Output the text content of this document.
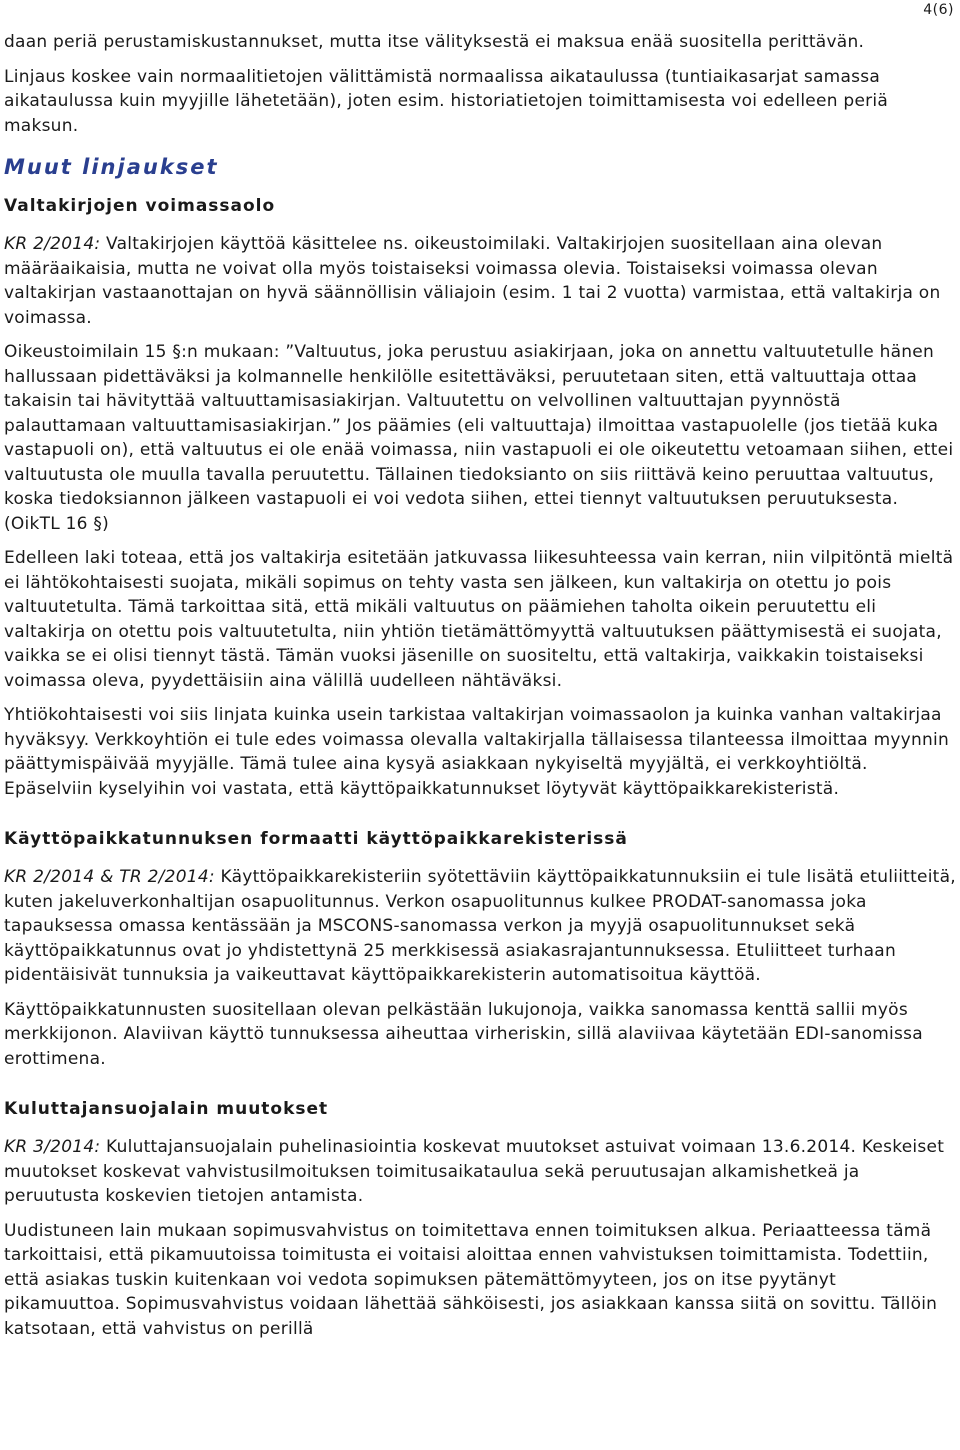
4(6)

daan periä perustamiskustannukset, mutta itse välityksestä ei maksua enää suositella perittävän.

Linjaus koskee vain normaalitietojen välittämistä normaalissa aikataulussa (tuntiaikasarjat samassa aikataulussa kuin myyjille lähetetään), joten esim. historiatietojen toimittamisesta voi edelleen periä maksun.

Muut linjaukset
Valtakirjojen voimassaolo

KR 2/2014: Valtakirjojen käyttöä käsittelee ns. oikeustoimilaki. Valtakirjojen suositellaan aina olevan määräaikaisia, mutta ne voivat olla myös toistaiseksi voimassa olevia. Toistaiseksi voimassa olevan valtakirjan vastaanottajan on hyvä säännöllisin väliajoin (esim. 1 tai 2 vuotta) varmistaa, että valtakirja on voimassa.

Oikeustoimilain 15 §:n mukaan: ”Valtuutus, joka perustuu asiakirjaan, joka on annettu valtuutetulle hänen hallussaan pidettäväksi ja kolmannelle henkilölle esitettäväksi, peruutetaan siten, että valtuuttaja ottaa takaisin tai hävityttää valtuuttamisasiakirjan. Valtuutettu on velvollinen valtuuttajan pyynnöstä palauttamaan valtuuttamisasiakirjan.” Jos päämies (eli valtuuttaja) ilmoittaa vastapuolelle (jos tietää kuka vastapuoli on), että valtuutus ei ole enää voimassa, niin vastapuoli ei ole oikeutettu vetoamaan siihen, ettei valtuutusta ole muulla tavalla peruutettu. Tällainen tiedoksianto on siis riittävä keino peruuttaa valtuutus, koska tiedoksiannon jälkeen vastapuoli ei voi vedota siihen, ettei tiennyt valtuutuksen peruutuksesta. (OikTL 16 §)

Edelleen laki toteaa, että jos valtakirja esitetään jatkuvassa liikesuhteessa vain kerran, niin vilpitöntä mieltä ei lähtökohtaisesti suojata, mikäli sopimus on tehty vasta sen jälkeen, kun valtakirja on otettu jo pois valtuutetulta. Tämä tarkoittaa sitä, että mikäli valtuutus on päämiehen taholta oikein peruutettu eli valtakirja on otettu pois valtuutetulta, niin yhtiön tietämättömyyttä valtuutuksen päättymisestä ei suojata, vaikka se ei olisi tiennyt tästä. Tämän vuoksi jäsenille on suositeltu, että valtakirja, vaikkakin toistaiseksi voimassa oleva, pyydettäisiin aina välillä uudelleen nähtäväksi.

Yhtiökohtaisesti voi siis linjata kuinka usein tarkistaa valtakirjan voimassaolon ja kuinka vanhan valtakirjaa hyväksyy. Verkkoyhtiön ei tule edes voimassa olevalla valtakirjalla tällaisessa tilanteessa ilmoittaa myynnin päättymispäivää myyjälle. Tämä tulee aina kysyä asiakkaan nykyiseltä myyjältä, ei verkkoyhtiöltä. Epäselviin kyselyihin voi vastata, että käyttöpaikkatunnukset löytyvät käyttöpaikkarekisteristä.

Käyttöpaikkatunnuksen formaatti käyttöpaikkarekisterissä

KR 2/2014 & TR 2/2014: Käyttöpaikkarekisteriin syötettäviin käyttöpaikkatunnuksiin ei tule lisätä etuliitteitä, kuten jakeluverkonhaltijan osapuolitunnus. Verkon osapuolitunnus kulkee PRODAT-sanomassa joka tapauksessa omassa kentässään ja MSCONS-sanomassa verkon ja myyjä osapuolitunnukset sekä käyttöpaikkatunnus ovat jo yhdistettynä 25 merkkisessä asiakasrajantunnuksessa. Etuliitteet turhaan pidentäisivät tunnuksia ja vaikeuttavat käyttöpaikkarekisterin automatisoitua käyttöä.

Käyttöpaikkatunnusten suositellaan olevan pelkästään lukujonoja, vaikka sanomassa kenttä sallii myös merkkijonon. Alaviivan käyttö tunnuksessa aiheuttaa virheriskin, sillä alaviivaa käytetään EDI-sanomissa erottimena.

Kuluttajansuojalain muutokset

KR 3/2014: Kuluttajansuojalain puhelinasiointia koskevat muutokset astuivat voimaan 13.6.2014. Keskeiset muutokset koskevat vahvistusilmoituksen toimitusaikataulua sekä peruutusajan alkamishetkeä ja peruutusta koskevien tietojen antamista.

Uudistuneen lain mukaan sopimusvahvistus on toimitettava ennen toimituksen alkua. Periaatteessa tämä tarkoittaisi, että pikamuutoissa toimitusta ei voitaisi aloittaa ennen vahvistuksen toimittamista. Todettiin, että asiakas tuskin kuitenkaan voi vedota sopimuksen pätemättömyyteen, jos on itse pyytänyt pikamuuttoa. Sopimusvahvistus voidaan lähettää sähköisesti, jos asiakkaan kanssa siitä on sovittu. Tällöin katsotaan, että vahvistus on perillä
